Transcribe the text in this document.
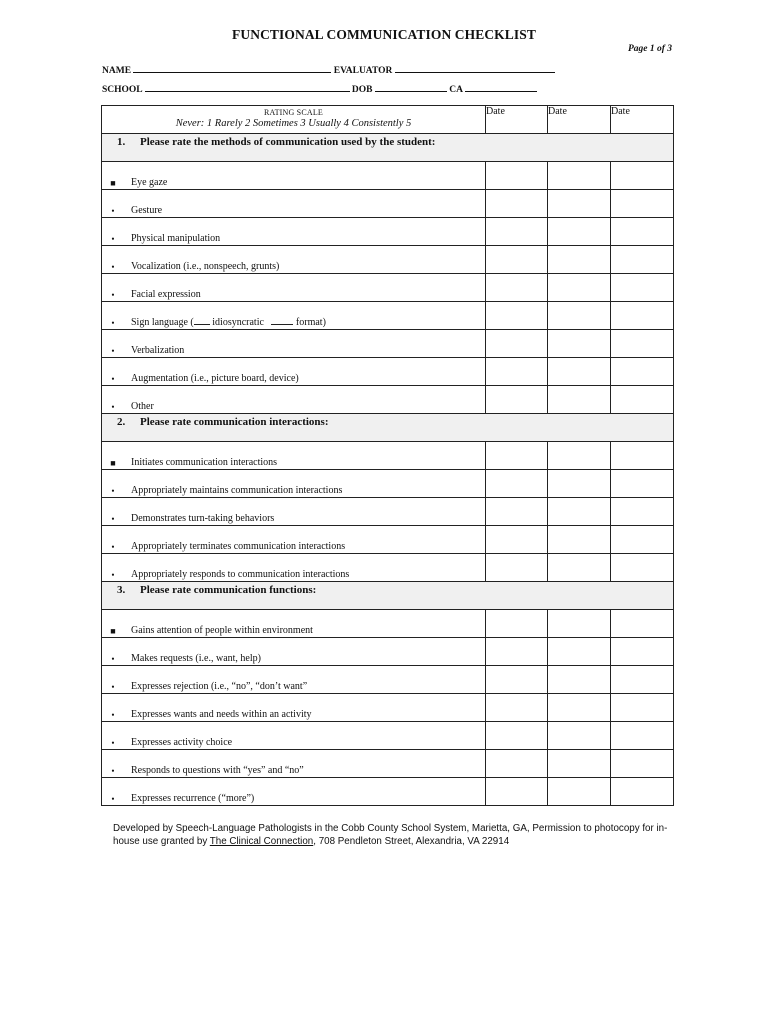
FUNCTIONAL COMMUNICATION CHECKLIST
Page 1 of 3
NAME	EVALUATOR
SCHOOL	DOB	CA
RATING SCALE
Never: 1 Rarely 2 Sometimes 3 Usually 4 Consistently 5	Date	Date	Date
1. Please rate the methods of communication used by the student:			

■ Eye gaze			

• Gesture			

• Physical manipulation			

• Vocalization (i.e., nonspeech, grunts)			

• Facial expression			

• Sign language ( idiosyncratic format)			

• Verbalization			

• Augmentation (i.e., picture board, device)			

• Other			

2. Please rate communication interactions:			

■ Initiates communication interactions			

• Appropriately maintains communication interactions			

• Demonstrates turn-taking behaviors			

• Appropriately terminates communication interactions			

• Appropriately responds to communication interactions			

3. Please rate communication functions:			

■ Gains attention of people within environment			

• Makes requests (i.e., want, help)			

• Expresses rejection (i.e., “no”, “don’t want”			

• Expresses wants and needs within an activity			

• Expresses activity choice			

• Responds to questions with “yes” and “no”			

• Expresses recurrence (“more”)			

Developed by Speech-Language Pathologists in the Cobb County School System, Marietta, GA, Permission to photocopy for in-house use granted by The Clinical Connection, 708 Pendleton Street, Alexandria, VA 22914
